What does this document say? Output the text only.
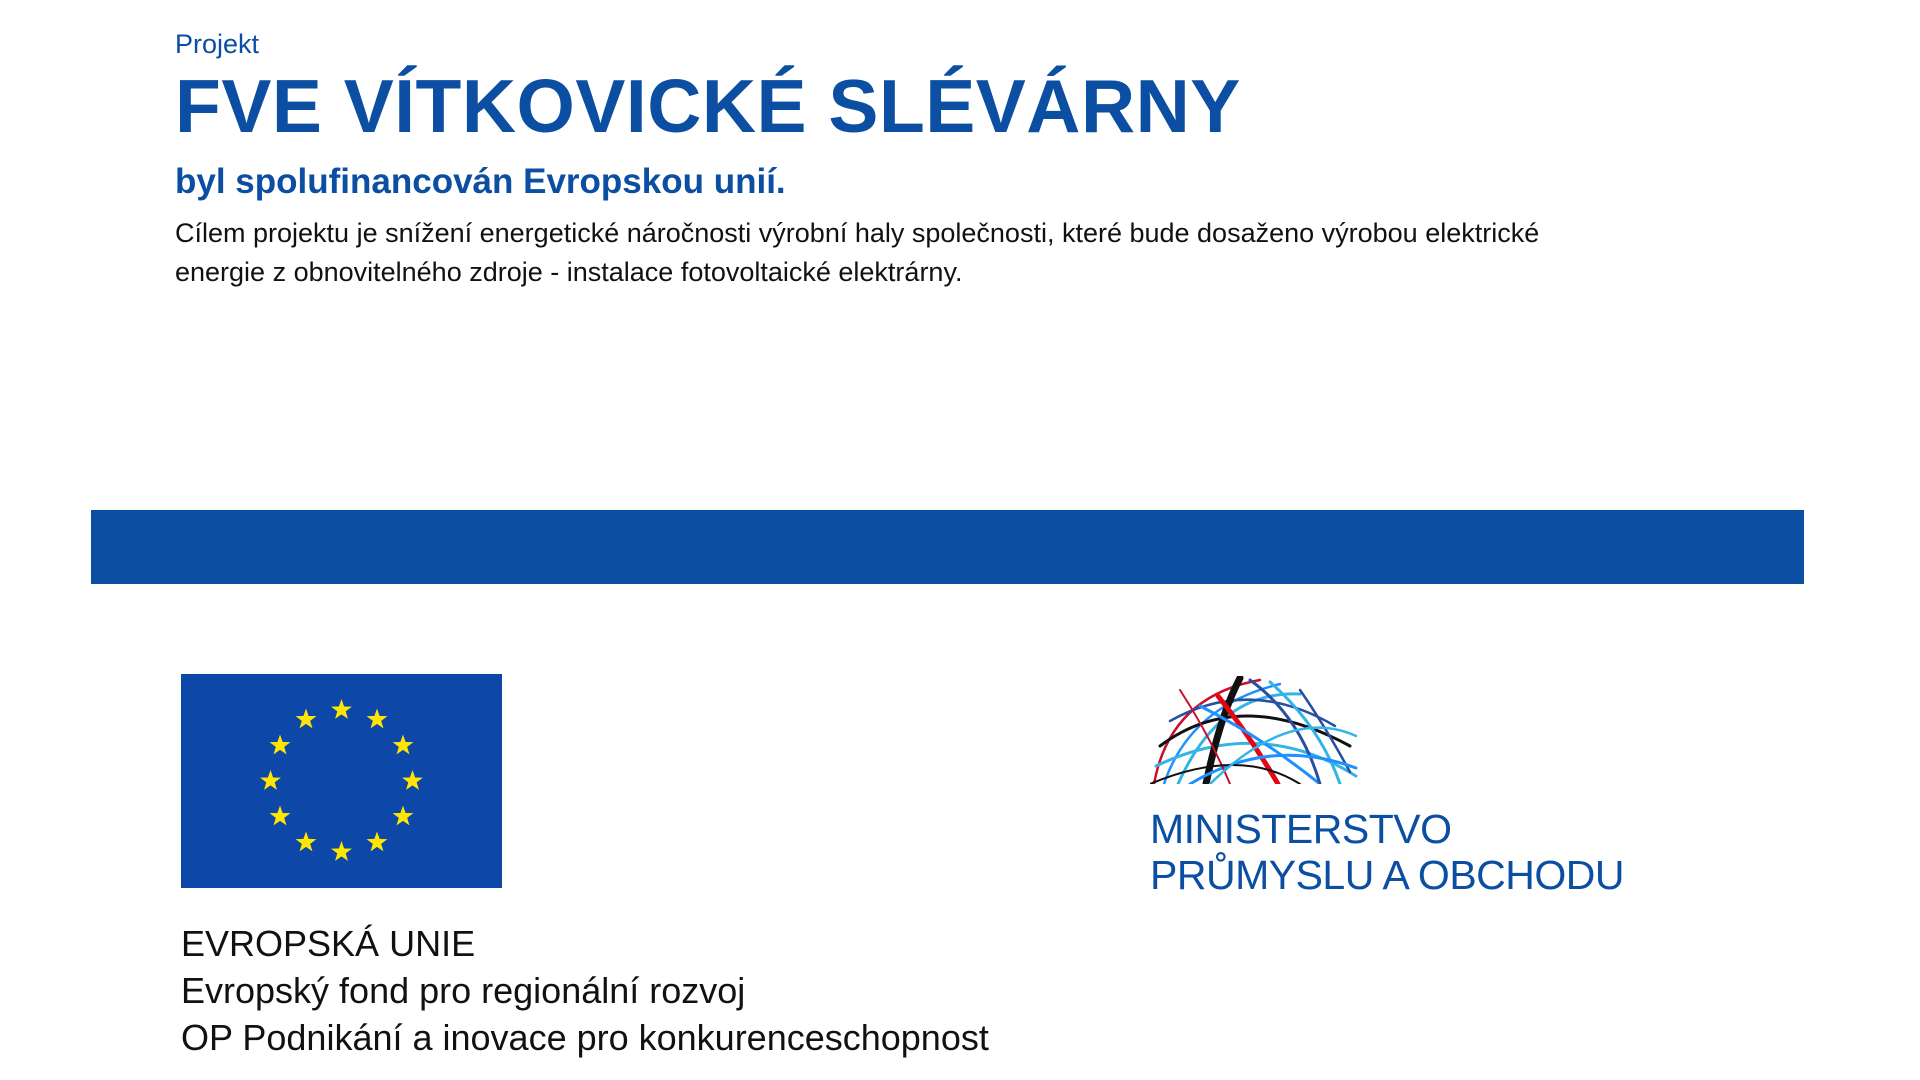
Projekt
FVE VÍTKOVICKÉ SLÉVÁRNY
byl spolufinancován Evropskou unií.
Cílem projektu je snížení energetické náročnosti výrobní haly společnosti, které bude dosaženo výrobou elektrické
energie z obnovitelného zdroje - instalace fotovoltaické elektrárny.
EVROPSKÁ UNIE
Evropský fond pro regionální rozvoj
OP Podnikání a inovace pro konkurenceschopnost
MINISTERSTVO
PRŮMYSLU A OBCHODU
